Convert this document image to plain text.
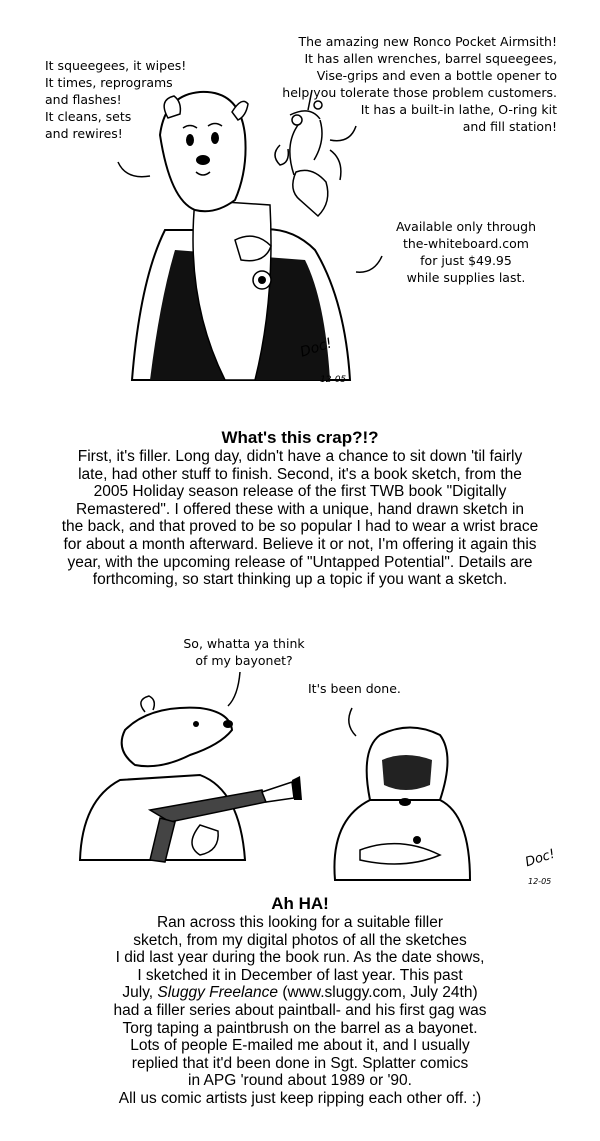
It squeegees, it wipes!
It times, reprograms
and flashes!
It cleans, sets
and rewires!
The amazing new Ronco Pocket Airmsith!
It has allen wrenches, barrel squeegees,
Vise-grips and even a bottle opener to
help you tolerate those problem customers.
It has a built-in lathe, O-ring kit
and fill station!
Available only through
the-whiteboard.com
for just $49.95
while supplies last.
Doc!
12-05
What's this crap?!?

First, it's filler. Long day, didn't have a chance to sit down 'til fairly
late, had other stuff to finish. Second, it's a book sketch, from the
2005 Holiday season release of the first TWB book "Digitally
Remastered". I offered these with a unique, hand drawn sketch in
the back, and that proved to be so popular I had to wear a wrist brace
for about a month afterward. Believe it or not, I'm offering it again this
year, with the upcoming release of "Untapped Potential". Details are
forthcoming, so start thinking up a topic if you want a sketch.

So, whatta ya think
of my bayonet?
It's been done.
Doc!
12-05
Ah HA!

Ran across this looking for a suitable filler
sketch, from my digital photos of all the sketches
I did last year during the book run. As the date shows,
I sketched it in December of last year. This past
July, Sluggy Freelance (www.sluggy.com, July 24th)
had a filler series about paintball- and his first gag was
Torg taping a paintbrush on the barrel as a bayonet.
Lots of people E-mailed me about it, and I usually
replied that it'd been done in Sgt. Splatter comics
in APG 'round about 1989 or '90.
All us comic artists just keep ripping each other off. :)
